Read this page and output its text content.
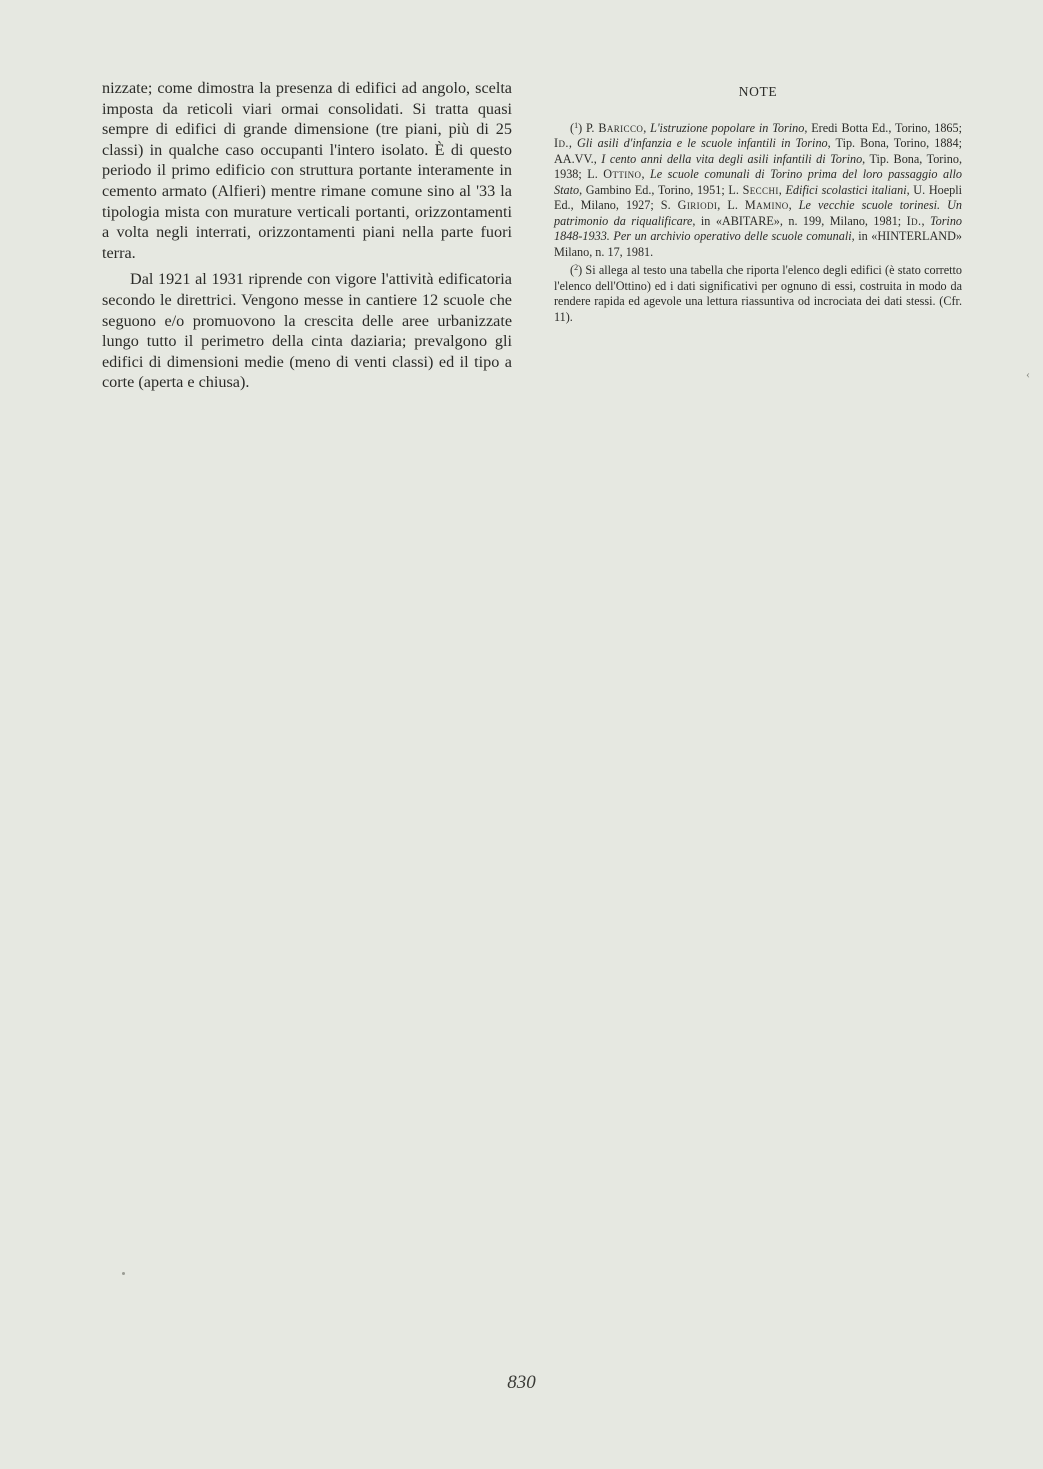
nizzate; come dimostra la presenza di edifici ad angolo, scelta imposta da reticoli viari ormai consolidati. Si tratta quasi sempre di edifici di grande dimensione (tre piani, più di 25 classi) in qualche caso occupanti l'intero isolato. È di questo periodo il primo edificio con struttura portante interamente in cemento armato (Alfieri) mentre rimane comune sino al '33 la tipologia mista con murature verticali portanti, orizzontamenti a volta negli interrati, orizzontamenti piani nella parte fuori terra.

Dal 1921 al 1931 riprende con vigore l'attività edificatoria secondo le direttrici. Vengono messe in cantiere 12 scuole che seguono e/o promuovono la crescita delle aree urbanizzate lungo tutto il perimetro della cinta daziaria; prevalgono gli edifici di dimensioni medie (meno di venti classi) ed il tipo a corte (aperta e chiusa).

NOTE

($^1$) P. Baricco, L'istruzione popolare in Torino, Eredi Botta Ed., Torino, 1865; Id., Gli asili d'infanzia e le scuole infantili in Torino, Tip. Bona, Torino, 1884; AA.VV., I cento anni della vita degli asili infantili di Torino, Tip. Bona, Torino, 1938; L. Ottino, Le scuole comunali di Torino prima del loro passaggio allo Stato, Gambino Ed., Torino, 1951; L. Secchi, Edifici scolastici italiani, U. Hoepli Ed., Milano, 1927; S. Giriodi, L. Mamino, Le vecchie scuole torinesi. Un patrimonio da riqualificare, in «ABITARE», n. 199, Milano, 1981; Id., Torino 1848-1933. Per un archivio operativo delle scuole comunali, in «HINTERLAND» Milano, n. 17, 1981.

($^2$) Si allega al testo una tabella che riporta l'elenco degli edifici (è stato corretto l'elenco dell'Ottino) ed i dati significativi per ognuno di essi, costruita in modo da rendere rapida ed agevole una lettura riassuntiva od incrociata dei dati stessi. (Cfr. 11).

830
‹
